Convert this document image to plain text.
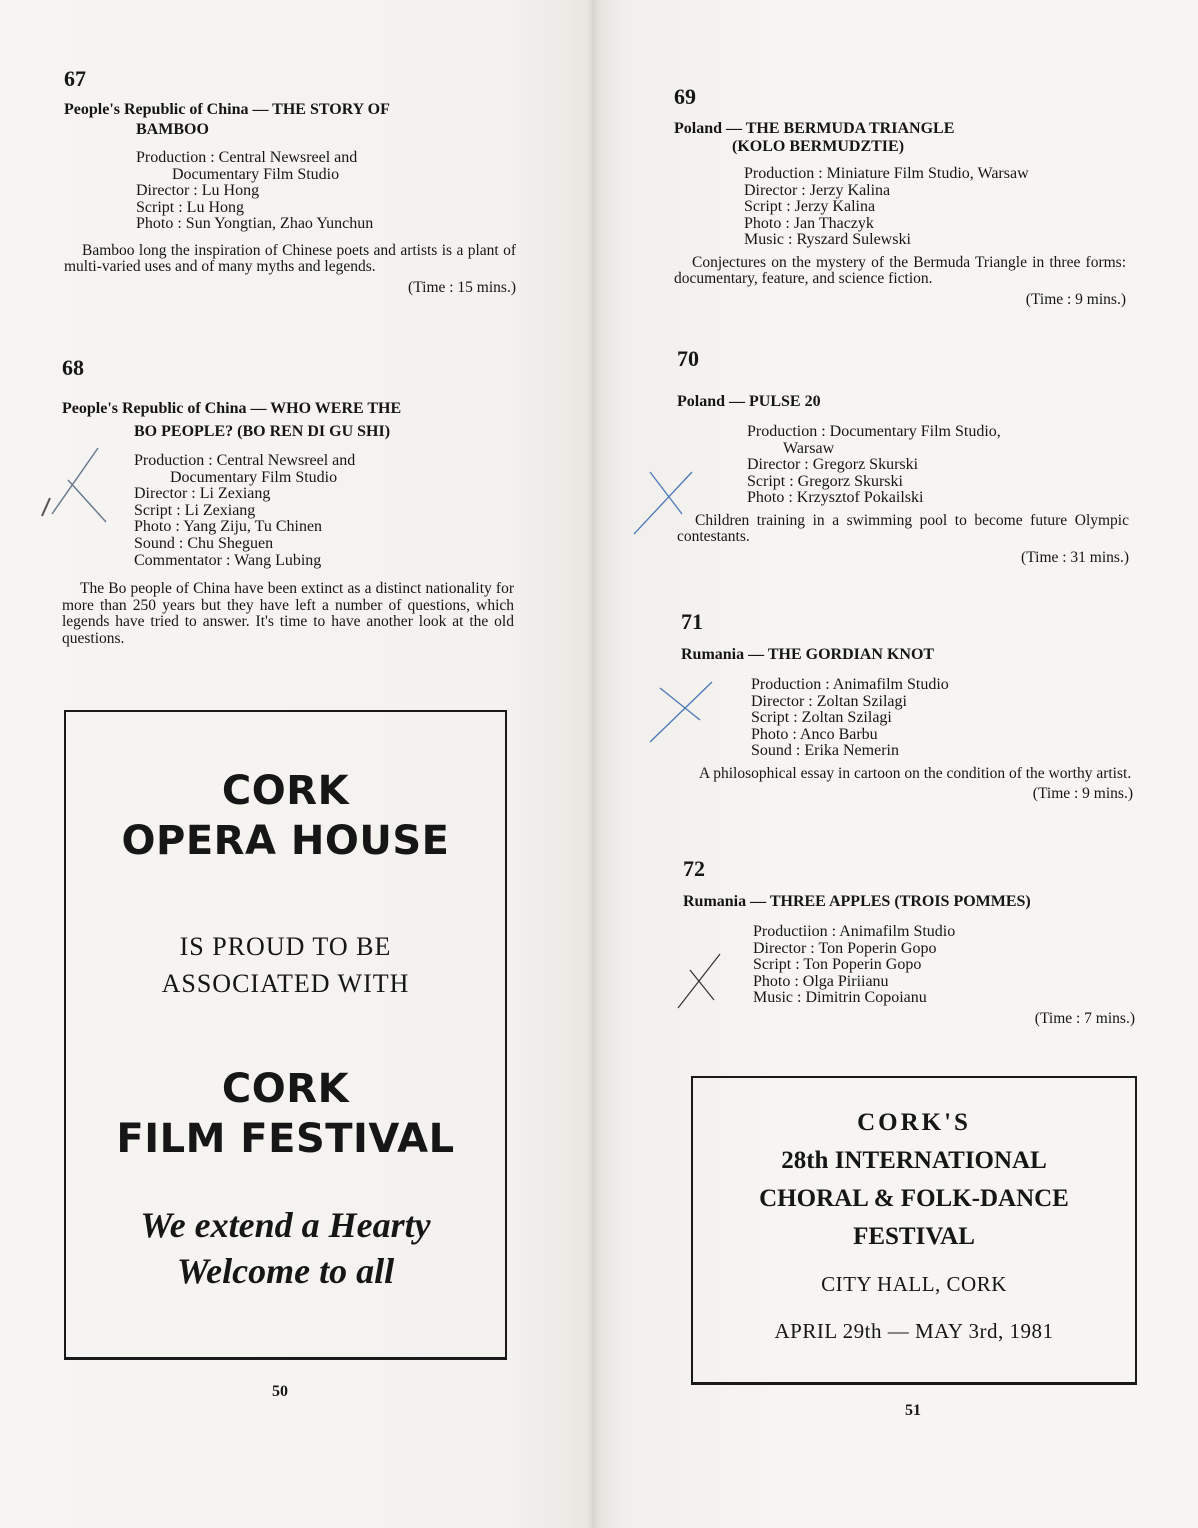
67
People's Republic of China — THE STORY OF
BAMBOO
Production : Central Newsreel and
Documentary Film Studio
Director : Lu Hong
Script : Lu Hong
Photo : Sun Yongtian, Zhao Yunchun
Bamboo long the inspiration of Chinese poets and artists is a plant of multi-varied uses and of many myths and legends.
(Time : 15 mins.)
68
People's Republic of China — WHO WERE THE
BO PEOPLE? (BO REN DI GU SHI)
Production : Central Newsreel and
Documentary Film Studio
Director : Li Zexiang
Script : Li Zexiang
Photo : Yang Ziju, Tu Chinen
Sound : Chu Sheguen
Commentator : Wang Lubing
The Bo people of China have been extinct as a distinct nationality for more than 250 years but they have left a number of questions, which legends have tried to answer. It's time to have another look at the old questions.
CORK
OPERA HOUSE
IS PROUD TO BE
ASSOCIATED WITH
CORK
FILM FESTIVAL
We extend a Hearty
Welcome to all
50
69
Poland — THE BERMUDA TRIANGLE
(KOLO BERMUDZTIE)
Production : Miniature Film Studio, Warsaw
Director : Jerzy Kalina
Script : Jerzy Kalina
Photo : Jan Thaczyk
Music : Ryszard Sulewski
Conjectures on the mystery of the Bermuda Triangle in three forms: documentary, feature, and science fiction.
(Time : 9 mins.)
70
Poland — PULSE 20
Production : Documentary Film Studio,
Warsaw
Director : Gregorz Skurski
Script : Gregorz Skurski
Photo : Krzysztof Pokailski
Children training in a swimming pool to become future Olympic contestants.
(Time : 31 mins.)
71
Rumania — THE GORDIAN KNOT
Production : Animafilm Studio
Director : Zoltan Szilagi
Script : Zoltan Szilagi
Photo : Anco Barbu
Sound : Erika Nemerin
A philosophical essay in cartoon on the condition of the worthy artist.
(Time : 9 mins.)
72
Rumania — THREE APPLES (TROIS POMMES)
Productiion : Animafilm Studio
Director : Ton Poperin Gopo
Script : Ton Poperin Gopo
Photo : Olga Piriianu
Music : Dimitrin Copoianu
(Time : 7 mins.)
CORK'S
28th INTERNATIONAL
CHORAL & FOLK-DANCE
FESTIVAL
CITY HALL, CORK
APRIL 29th — MAY 3rd, 1981
51
